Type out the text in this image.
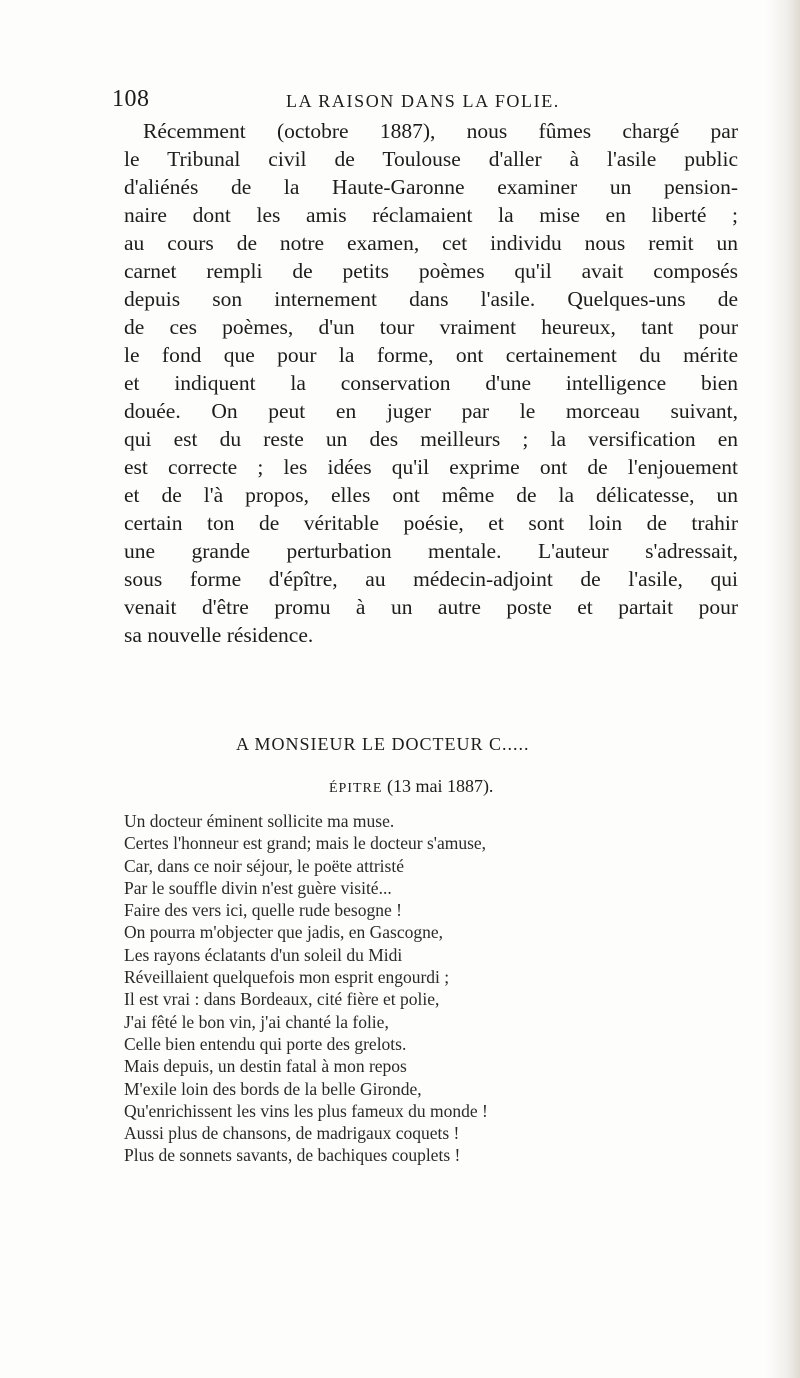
108	LA RAISON DANS LA FOLIE.
Récemment (octobre 1887), nous fûmes chargé par
le Tribunal civil de Toulouse d'aller à l'asile public
d'aliénés de la Haute-Garonne examiner un pension-
naire dont les amis réclamaient la mise en liberté ;
au cours de notre examen, cet individu nous remit un
carnet rempli de petits poèmes qu'il avait composés
depuis son internement dans l'asile. Quelques-uns de
de ces poèmes, d'un tour vraiment heureux, tant pour
le fond que pour la forme, ont certainement du mérite
et indiquent la conservation d'une intelligence bien
douée. On peut en juger par le morceau suivant,
qui est du reste un des meilleurs ; la versification en
est correcte ; les idées qu'il exprime ont de l'enjouement
et de l'à propos, elles ont même de la délicatesse, un
certain ton de véritable poésie, et sont loin de trahir
une grande perturbation mentale. L'auteur s'adressait,
sous forme d'épître, au médecin-adjoint de l'asile, qui
venait d'être promu à un autre poste et partait pour
sa nouvelle résidence.
A MONSIEUR LE DOCTEUR C.....
ÉPITRE (13 mai 1887).
Un docteur éminent sollicite ma muse.
Certes l'honneur est grand; mais le docteur s'amuse,
Car, dans ce noir séjour, le poëte attristé
Par le souffle divin n'est guère visité...
Faire des vers ici, quelle rude besogne !
On pourra m'objecter que jadis, en Gascogne,
Les rayons éclatants d'un soleil du Midi
Réveillaient quelquefois mon esprit engourdi ;
Il est vrai : dans Bordeaux, cité fière et polie,
J'ai fêté le bon vin, j'ai chanté la folie,
Celle bien entendu qui porte des grelots.
Mais depuis, un destin fatal à mon repos
M'exile loin des bords de la belle Gironde,
Qu'enrichissent les vins les plus fameux du monde !
Aussi plus de chansons, de madrigaux coquets !
Plus de sonnets savants, de bachiques couplets !
